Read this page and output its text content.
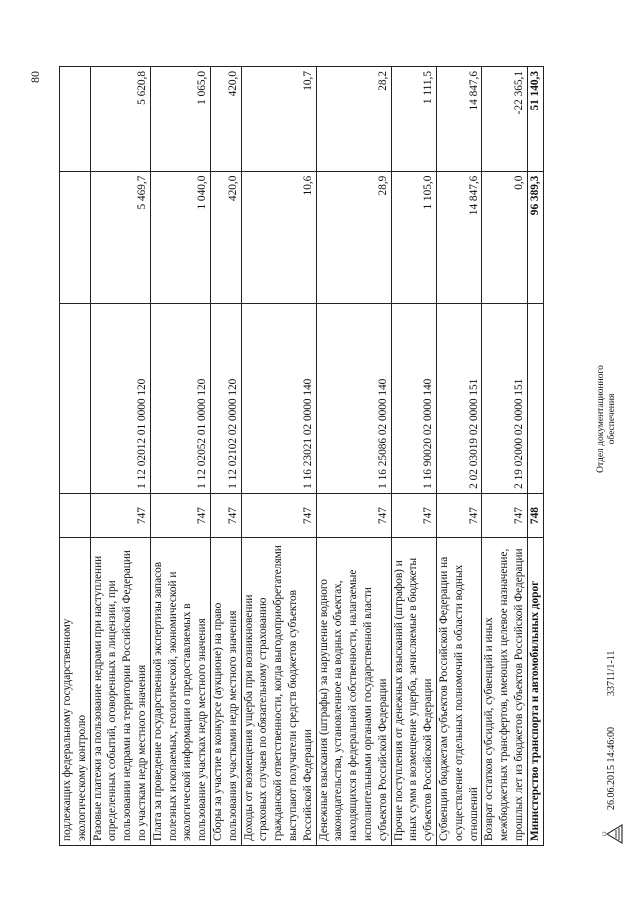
80
подлежащих федеральному государственному экологическому контролю				
Разовые платежи за пользование недрами при наступлении определенных событий, оговоренных в лицензии, при пользовании недрами на территории Российской Федерации по участкам недр местного значения	747	1 12 02012 01 0000 120	5 469,7	5 620,8
Плата за проведение государственной экспертизы запасов полезных ископаемых, геологической, экономической и экологической информации о предоставляемых в пользование участках недр местного значения	747	1 12 02052 01 0000 120	1 040,0	1 065,0
Сборы за участие в конкурсе (аукционе) на право пользования участками недр местного значения	747	1 12 02102 02 0000 120	420,0	420,0
Доходы от возмещения ущерба при возникновении страховых случаев по обязательному страхованию гражданской ответственности, когда выгодоприобретателями выступают получатели средств бюджетов субъектов Российской Федерации	747	1 16 23021 02 0000 140	10,6	10,7
Денежные взыскания (штрафы) за нарушение водного законодательства, установленное на водных объектах, находящихся в федеральной собственности, налагаемые исполнительными органами государственной власти субъектов Российской Федерации	747	1 16 25086 02 0000 140	28,9	28,2
Прочие поступления от денежных взысканий (штрафов) и иных сумм в возмещение ущерба, зачисляемые в бюджеты субъектов Российской Федерации	747	1 16 90020 02 0000 140	1 105,0	1 111,5
Субвенции бюджетам субъектов Российской Федерации на осуществление отдельных полномочий в области водных отношений	747	2 02 03019 02 0000 151	14 847,6	14 847,6
Возврат остатков субсидий, субвенций и иных межбюджетных трансфертов, имеющих целевое назначение, прошлых лет из бюджетов субъектов Российской Федерации	747	2 19 02000 02 0000 151	0,0	-22 365,1
Министерство транспорта и автомобильных дорог	748		96 389,3	51 140,3
13
26.06.2015 14:46:00
33711/1-11
Отдел документационного обеспечения
